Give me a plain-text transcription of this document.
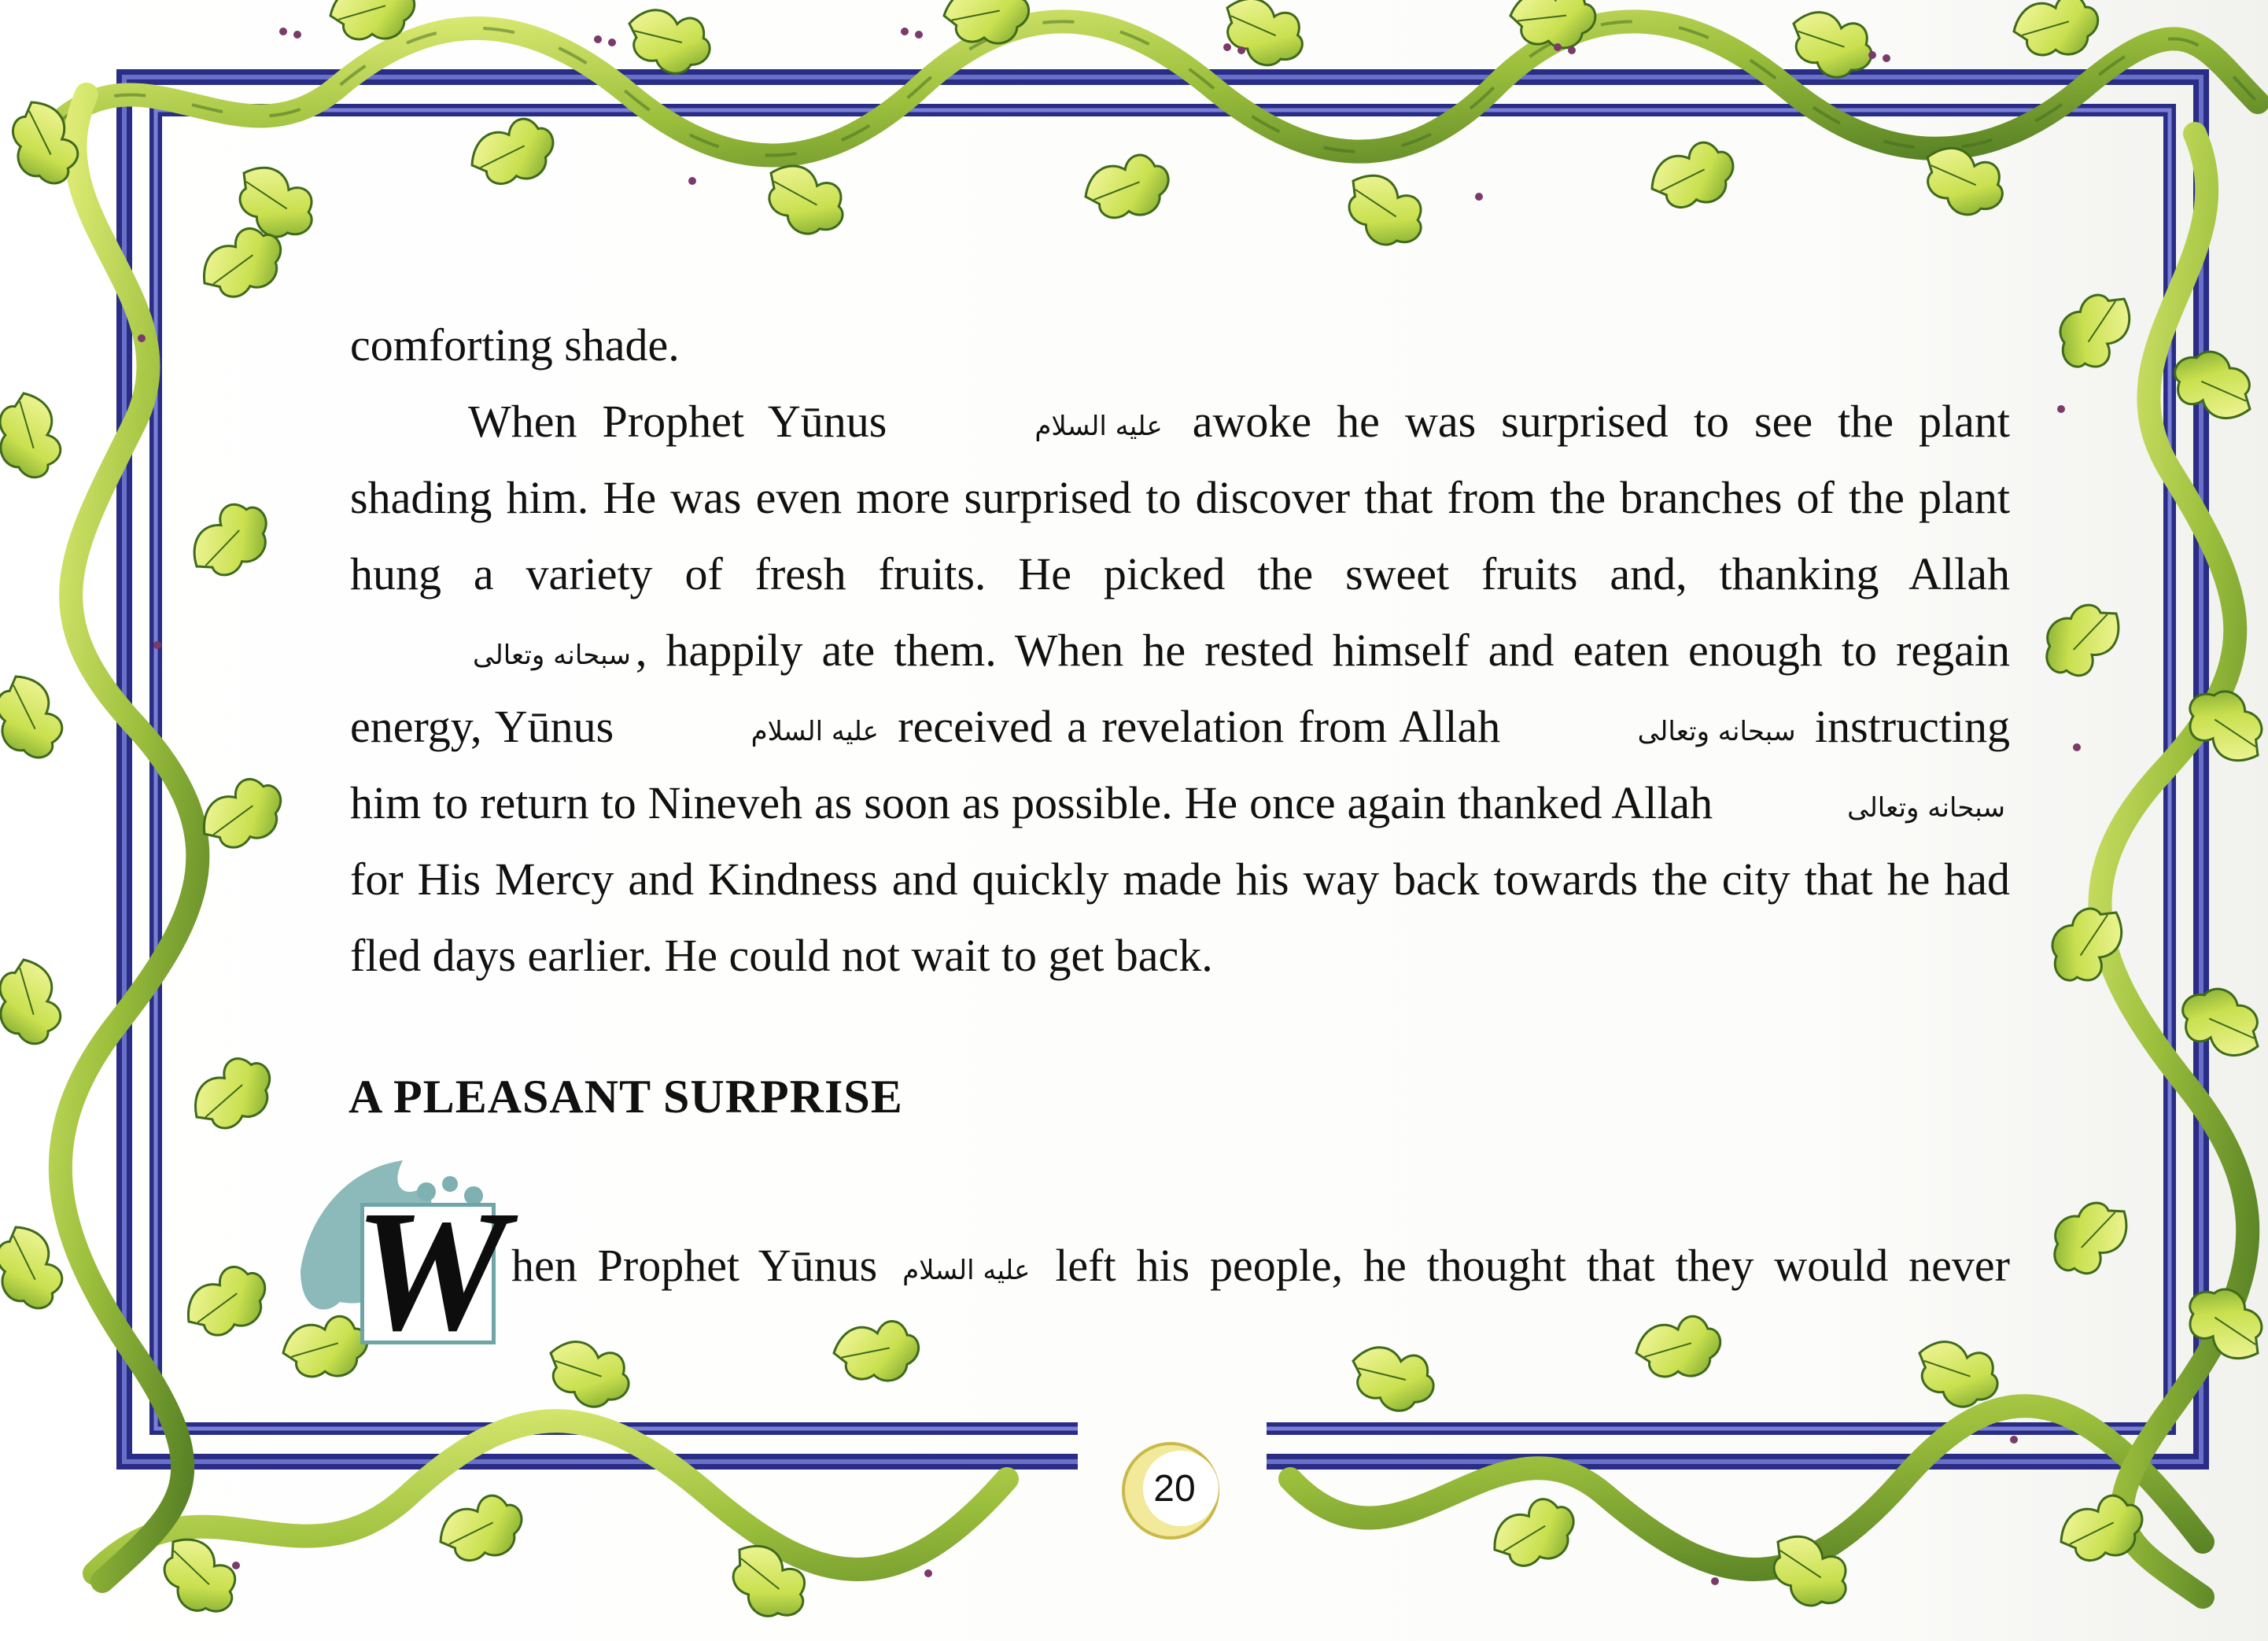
comforting shade.

When Prophet Yūnus	عليه السلام awoke he was surprised to see the plant shading him. He was even more surprised to discover that from the branches of the plant hung a variety of fresh fruits. He picked the sweet fruits and, thanking Allah سبحانه وتعالى , happily ate them. When he rested himself and eaten enough to regain energy, Yūnus	عليه السلام received a revelation from Allah	سبحانه وتعالى instructing him to return to Nineveh as soon as possible. He once again thanked Allah	سبحانه وتعالى for His Mercy and Kindness and quickly made his way back towards the city that he had fled days earlier. He could not wait to get back.

A PLEASANT SURPRISE
W hen Prophet Yūnus عليه السلام left his people, he thought that they would never
20
